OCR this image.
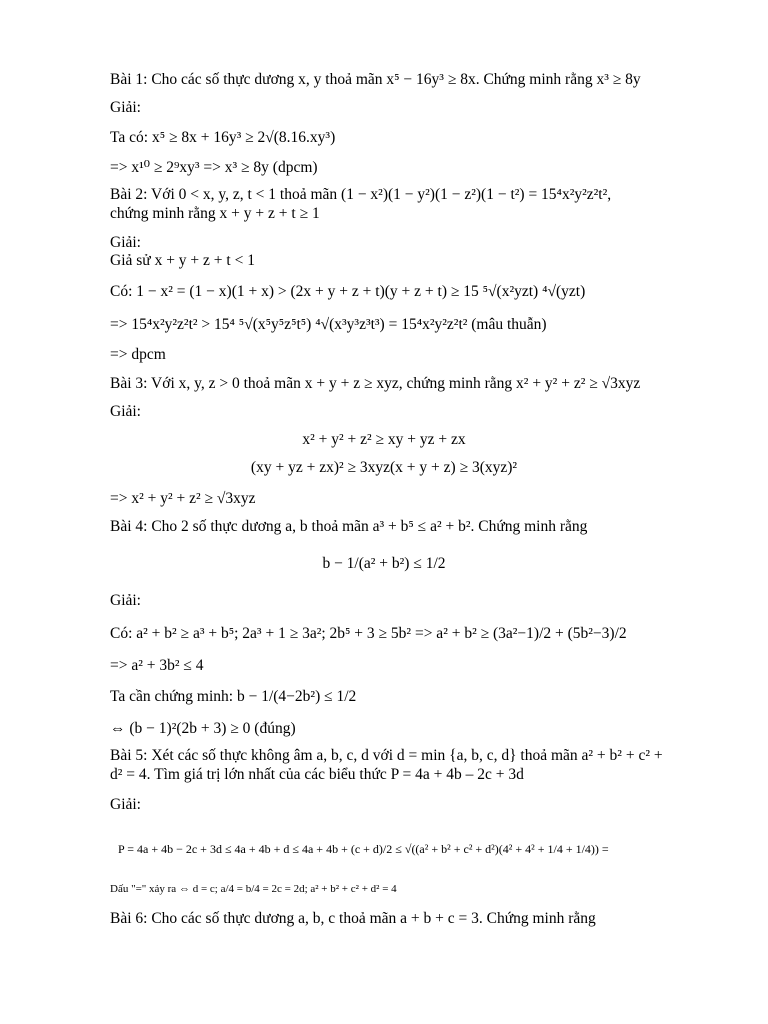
Bài 1: Cho các số thực dương x, y thoả mãn x⁵ − 16y³ ≥ 8x. Chứng minh rằng x³ ≥ 8y
Giải:
Ta có: x⁵ ≥ 8x + 16y³ ≥ 2√(8.16.xy³)
=> x¹⁰ ≥ 2⁹xy³ => x³ ≥ 8y (dpcm)
Bài 2: Với 0 < x, y, z, t < 1 thoả mãn (1 − x²)(1 − y²)(1 − z²)(1 − t²) = 15⁴x²y²z²t²,
chứng minh rằng x + y + z + t ≥ 1
Giải:
Giả sử x + y + z + t < 1
Có: 1 − x² = (1 − x)(1 + x) > (2x + y + z + t)(y + z + t) ≥ 15 ⁵√(x²yzt) ⁴√(yzt)
=> 15⁴x²y²z²t² > 15⁴ ⁵√(x⁵y⁵z⁵t⁵) ⁴√(x³y³z³t³) = 15⁴x²y²z²t² (mâu thuẫn)
=> dpcm
Bài 3: Với x, y, z > 0 thoả mãn x + y + z ≥ xyz, chứng minh rằng x² + y² + z² ≥ √3xyz
Giải:
x² + y² + z² ≥ xy + yz + zx
(xy + yz + zx)² ≥ 3xyz(x + y + z) ≥ 3(xyz)²
=> x² + y² + z² ≥ √3xyz
Bài 4: Cho 2 số thực dương a, b thoả mãn a³ + b⁵ ≤ a² + b². Chứng minh rằng
b − 1/(a² + b²) ≤ 1/2
Giải:
Có: a² + b² ≥ a³ + b⁵; 2a³ + 1 ≥ 3a²; 2b⁵ + 3 ≥ 5b² => a² + b² ≥ (3a²−1)/2 + (5b²−3)/2
=> a² + 3b² ≤ 4
Ta cần chứng minh: b − 1/(4−2b²) ≤ 1/2
⇔ (b − 1)²(2b + 3) ≥ 0 (đúng)
Bài 5: Xét các số thực không âm a, b, c, d với d = min {a, b, c, d} thoả mãn a² + b² + c² +
d² = 4. Tìm giá trị lớn nhất của các biểu thức P = 4a + 4b – 2c + 3d
Giải:
P = 4a + 4b − 2c + 3d ≤ 4a + 4b + d ≤ 4a + 4b + (c + d)/2 ≤ √((a² + b² + c² + d²)(4² + 4² + 1/4 + 1/4)) =
Dấu "=" xảy ra ⇔ d = c; a/4 = b/4 = 2c = 2d; a² + b² + c² + d² = 4
Bài 6: Cho các số thực dương a, b, c thoả mãn a + b + c = 3. Chứng minh rằng
